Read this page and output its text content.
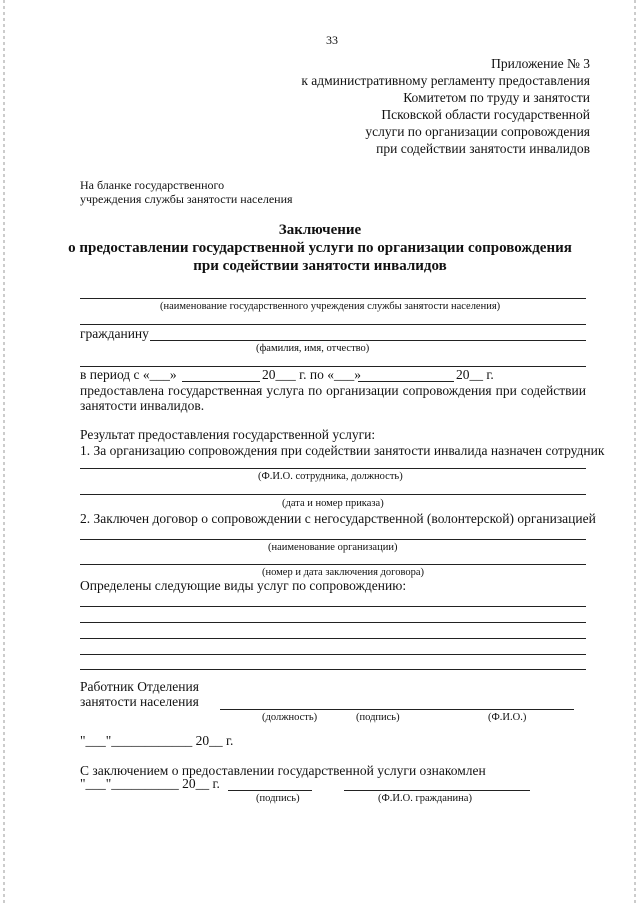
33
Приложение № 3
к административному регламенту предоставления
Комитетом по труду и занятости
Псковской области государственной
услуги по организации сопровождения
при содействии занятости инвалидов
На бланке государственного
учреждения службы занятости населения
Заключение
о предоставлении государственной услуги по организации сопровождения
при содействии занятости инвалидов
(наименование государственного учреждения службы занятости населения)
гражданину
(фамилия, имя, отчество)
в период с «___»	20___ г. по «___»	20__ г.
предоставлена государственная услуга по организации сопровождения при содействии
занятости инвалидов.
Результат предоставления государственной услуги:
1. За организацию сопровождения при содействии занятости инвалида назначен сотрудник
(Ф.И.О. сотрудника, должность)
(дата и номер приказа)
2. Заключен договор о сопровождении с негосударственной (волонтерской) организацией
(наименование организации)
(номер и дата заключения договора)
Определены следующие виды услуг по сопровождению:
Работник Отделения
занятости населения
(должность)	(подпись)	(Ф.И.О.)
"___"____________ 20__ г.
С заключением о предоставлении государственной услуги ознакомлен
"___"__________ 20__ г.
(подпись)	(Ф.И.О. гражданина)
